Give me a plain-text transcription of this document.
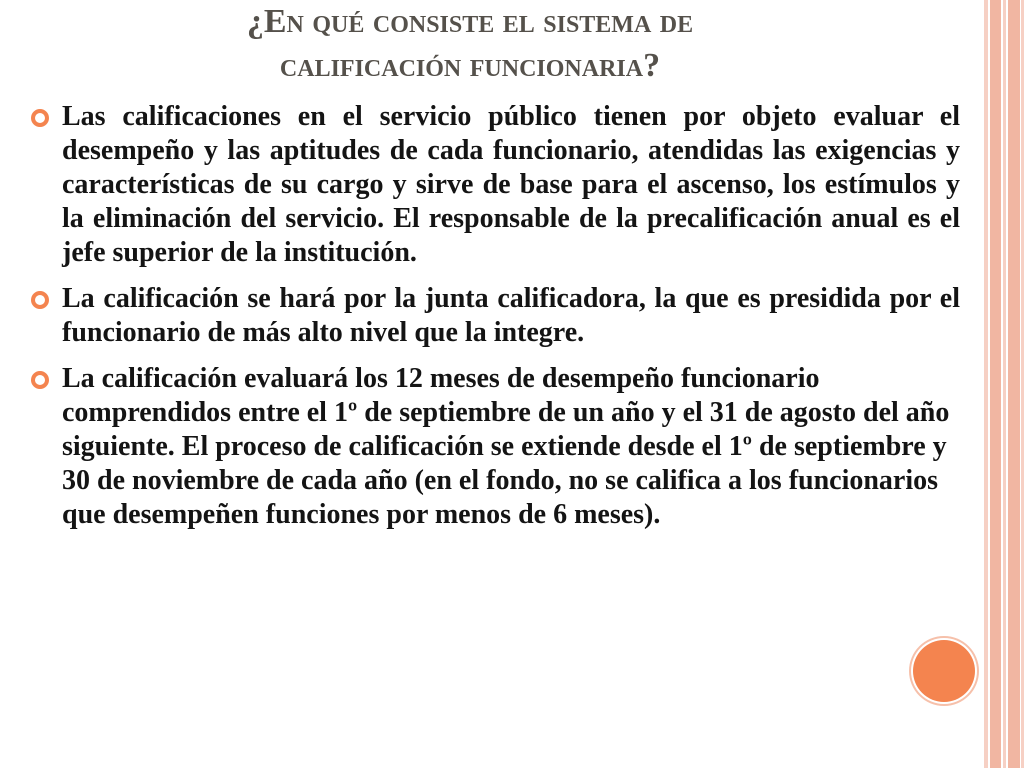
¿En qué consiste el sistema de
calificación funcionaria?
Las calificaciones en el servicio público tienen por objeto evaluar el desempeño y las aptitudes de cada funcionario, atendidas las exigencias y características de su cargo y sirve de base para el ascenso, los estímulos y la eliminación del servicio. El responsable de la precalificación anual es el jefe superior de la institución.
La calificación se hará por la junta calificadora, la que es presidida por el funcionario de más alto nivel que la integre.
La calificación evaluará los 12 meses de desempeño funcionario comprendidos entre el 1º de septiembre de un año y el 31 de agosto del año siguiente. El proceso de calificación se extiende desde el 1º de septiembre y 30 de noviembre de cada año (en el fondo, no se califica a los funcionarios que desempeñen funciones por menos de 6 meses).
